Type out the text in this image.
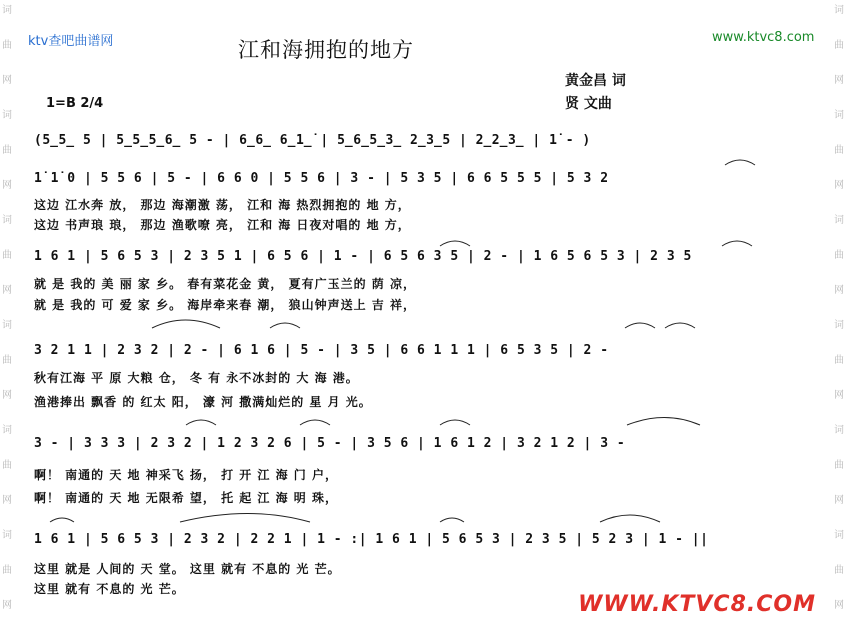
词
曲
网
词
曲
网
词
曲
网
词
曲
网
词
曲
网
词
曲
网
词
曲
网
词
曲
网
词
曲
网
词
曲
网
词
曲
网
词
曲
网
ktv查吧曲谱网	www.ktvc8.com
江和海拥抱的地方
黄金昌 词
贤 文曲
1=B 2/4
(5̲5̲ 5 | 5̲5̲5̲6̲ 5 - | 6̲6̲ 6̲1̲̇ | 5̲6̲5̲3̲ 2̲3̲5 | 2̲2̲3̲ | 1̇ - )
1̇ 1̇ 0 | 5 5 6 | 5 - | 6 6 0 | 5 5 6 | 3 - | 5 3 5 | 6 6 5 5 5 | 5 3 2
这边 江水奔 放， 那边 海潮激 荡， 江和 海 热烈拥抱的 地 方，
这边 书声琅 琅， 那边 渔歌嘹 亮， 江和 海 日夜对唱的 地 方，
1 6 1 | 5 6 5 3 | 2 3 5 1 | 6 5 6 | 1 - | 6 5 6 3 5 | 2 - | 1 6 5 6 5 3 | 2 3 5
就 是 我的 美 丽 家 乡。 春有菜花金 黄， 夏有广玉兰的 荫 凉，
就 是 我的 可 爱 家 乡。 海岸牵来春 潮， 狼山钟声送上 吉 祥，
3 2 1 1 | 2 3 2 | 2 - | 6 1 6 | 5 - | 3 5 | 6 6 1 1 1 | 6 5 3 5 | 2 -
秋有江海 平 原 大粮 仓， 冬 有 永不冰封的 大 海 港。
渔港捧出 飘香 的 红太 阳， 濠 河 撒满灿烂的 星 月 光。
3 - | 3 3 3 | 2 3 2 | 1 2 3 2 6 | 5 - | 3 5 6 | 1 6 1 2 | 3 2 1 2 | 3 -
啊！ 南通的 天 地 神采飞 扬， 打 开 江 海 门 户，
啊！ 南通的 天 地 无限希 望， 托 起 江 海 明 珠，
1 6 1 | 5 6 5 3 | 2 3 2 | 2 2 1 | 1 - :| 1 6 1 | 5 6 5 3 | 2 3 5 | 5 2 3 | 1 - ||
这里 就是 人间的 天 堂。 这里 就有 不息的 光 芒。
这里 就有 不息的 光 芒。
WWW.KTVC8.COM
